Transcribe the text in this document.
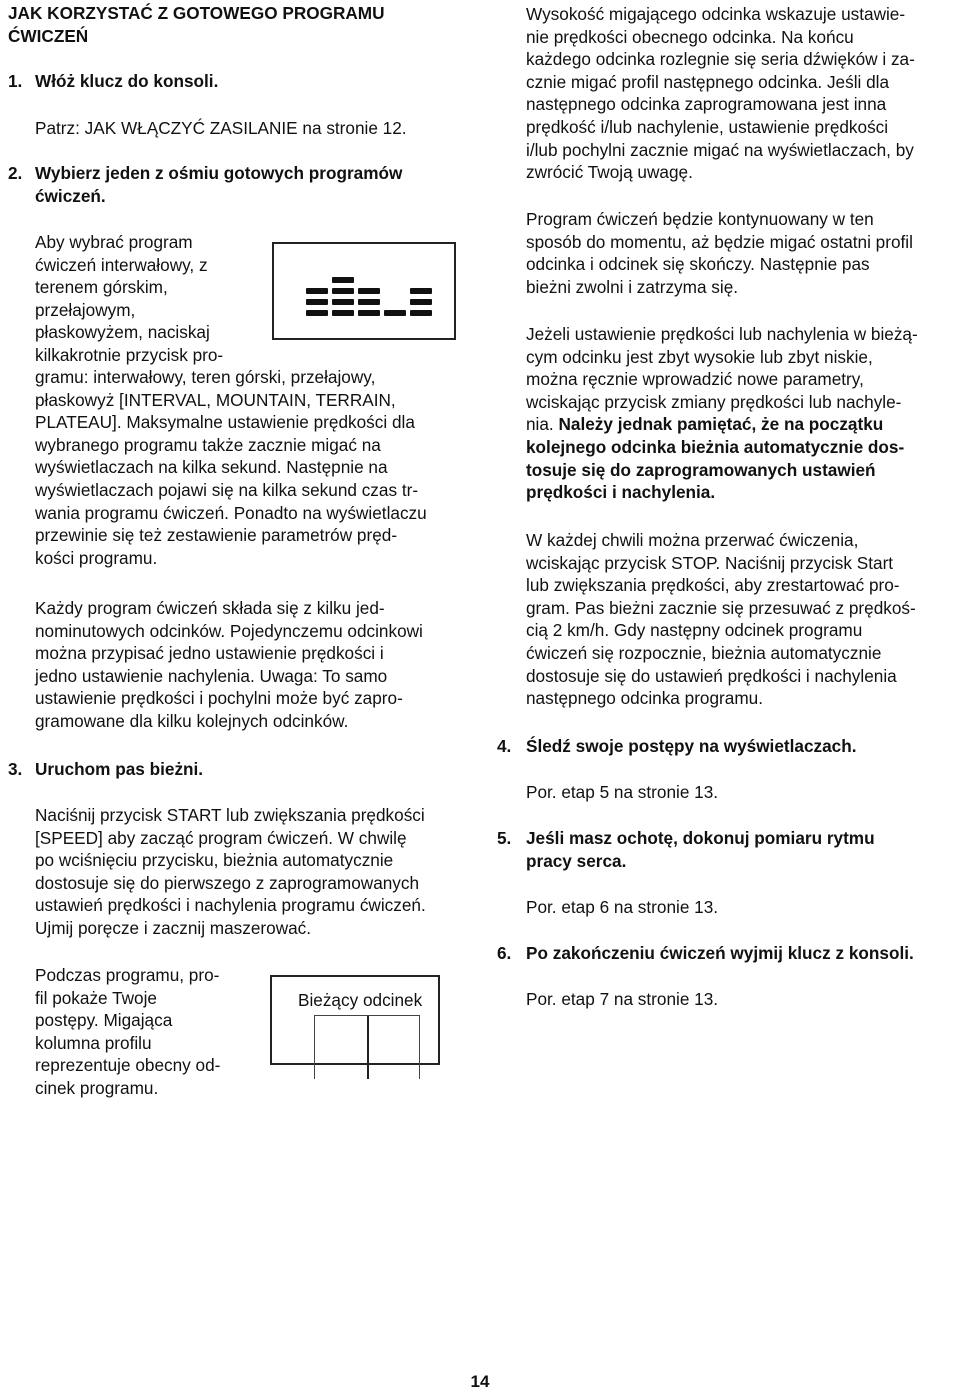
JAK KORZYSTAĆ Z GOTOWEGO PROGRAMU
ĆWICZEŃ
1. Włóż klucz do konsoli.

Patrz: JAK WŁĄCZYĆ ZASILANIE na stronie 12.

2. Wybierz jeden z ośmiu gotowych programów
ćwiczeń.

Aby wybrać program
ćwiczeń interwałowy, z
terenem górskim,
przełajowym,
płaskowyżem, naciskaj
kilkakrotnie przycisk pro-

gramu: interwałowy, teren górski, przełajowy,
płaskowyż [INTERVAL, MOUNTAIN, TERRAIN,
PLATEAU]. Maksymalne ustawienie prędkości dla
wybranego programu także zacznie migać na
wyświetlaczach na kilka sekund. Następnie na
wyświetlaczach pojawi się na kilka sekund czas tr-
wania programu ćwiczeń. Ponadto na wyświetlaczu
przewinie się też zestawienie parametrów pręd-
kości programu.

Każdy program ćwiczeń składa się z kilku jed-
nominutowych odcinków. Pojedynczemu odcinkowi
można przypisać jedno ustawienie prędkości i
jedno ustawienie nachylenia. Uwaga: To samo
ustawienie prędkości i pochylni może być zapro-
gramowane dla kilku kolejnych odcinków.

3. Uruchom pas bieżni.

Naciśnij przycisk START lub zwiększania prędkości
[SPEED] aby zacząć program ćwiczeń. W chwilę
po wciśnięciu przycisku, bieżnia automatycznie
dostosuje się do pierwszego z zaprogramowanych
ustawień prędkości i nachylenia programu ćwiczeń.
Ujmij poręcze i zacznij maszerować.

Podczas programu, pro-
fil pokaże Twoje
postępy. Migająca
kolumna profilu
reprezentuje obecny od-
cinek programu.

Bieżący odcinek

Wysokość migającego odcinka wskazuje ustawie-
nie prędkości obecnego odcinka. Na końcu
każdego odcinka rozlegnie się seria dźwięków i za-
cznie migać profil następnego odcinka. Jeśli dla
następnego odcinka zaprogramowana jest inna
prędkość i/lub nachylenie, ustawienie prędkości
i/lub pochylni zacznie migać na wyświetlaczach, by
zwrócić Twoją uwagę.

Program ćwiczeń będzie kontynuowany w ten
sposób do momentu, aż będzie migać ostatni profil
odcinka i odcinek się skończy. Następnie pas
bieżni zwolni i zatrzyma się.

Jeżeli ustawienie prędkości lub nachylenia w bieżą-
cym odcinku jest zbyt wysokie lub zbyt niskie,
można ręcznie wprowadzić nowe parametry,
wciskając przycisk zmiany prędkości lub nachyle-
nia. Należy jednak pamiętać, że na początku
kolejnego odcinka bieżnia automatycznie dos-
tosuje się do zaprogramowanych ustawień
prędkości i nachylenia.

W każdej chwili można przerwać ćwiczenia,
wciskając przycisk STOP. Naciśnij przycisk Start
lub zwiększania prędkości, aby zrestartować pro-
gram. Pas bieżni zacznie się przesuwać z prędkoś-
cią 2 km/h. Gdy następny odcinek programu
ćwiczeń się rozpocznie, bieżnia automatycznie
dostosuje się do ustawień prędkości i nachylenia
następnego odcinka programu.

4. Śledź swoje postępy na wyświetlaczach.

Por. etap 5 na stronie 13.

5. Jeśli masz ochotę, dokonuj pomiaru rytmu
pracy serca.

Por. etap 6 na stronie 13.

6. Po zakończeniu ćwiczeń wyjmij klucz z konsoli.

Por. etap 7 na stronie 13.

14
